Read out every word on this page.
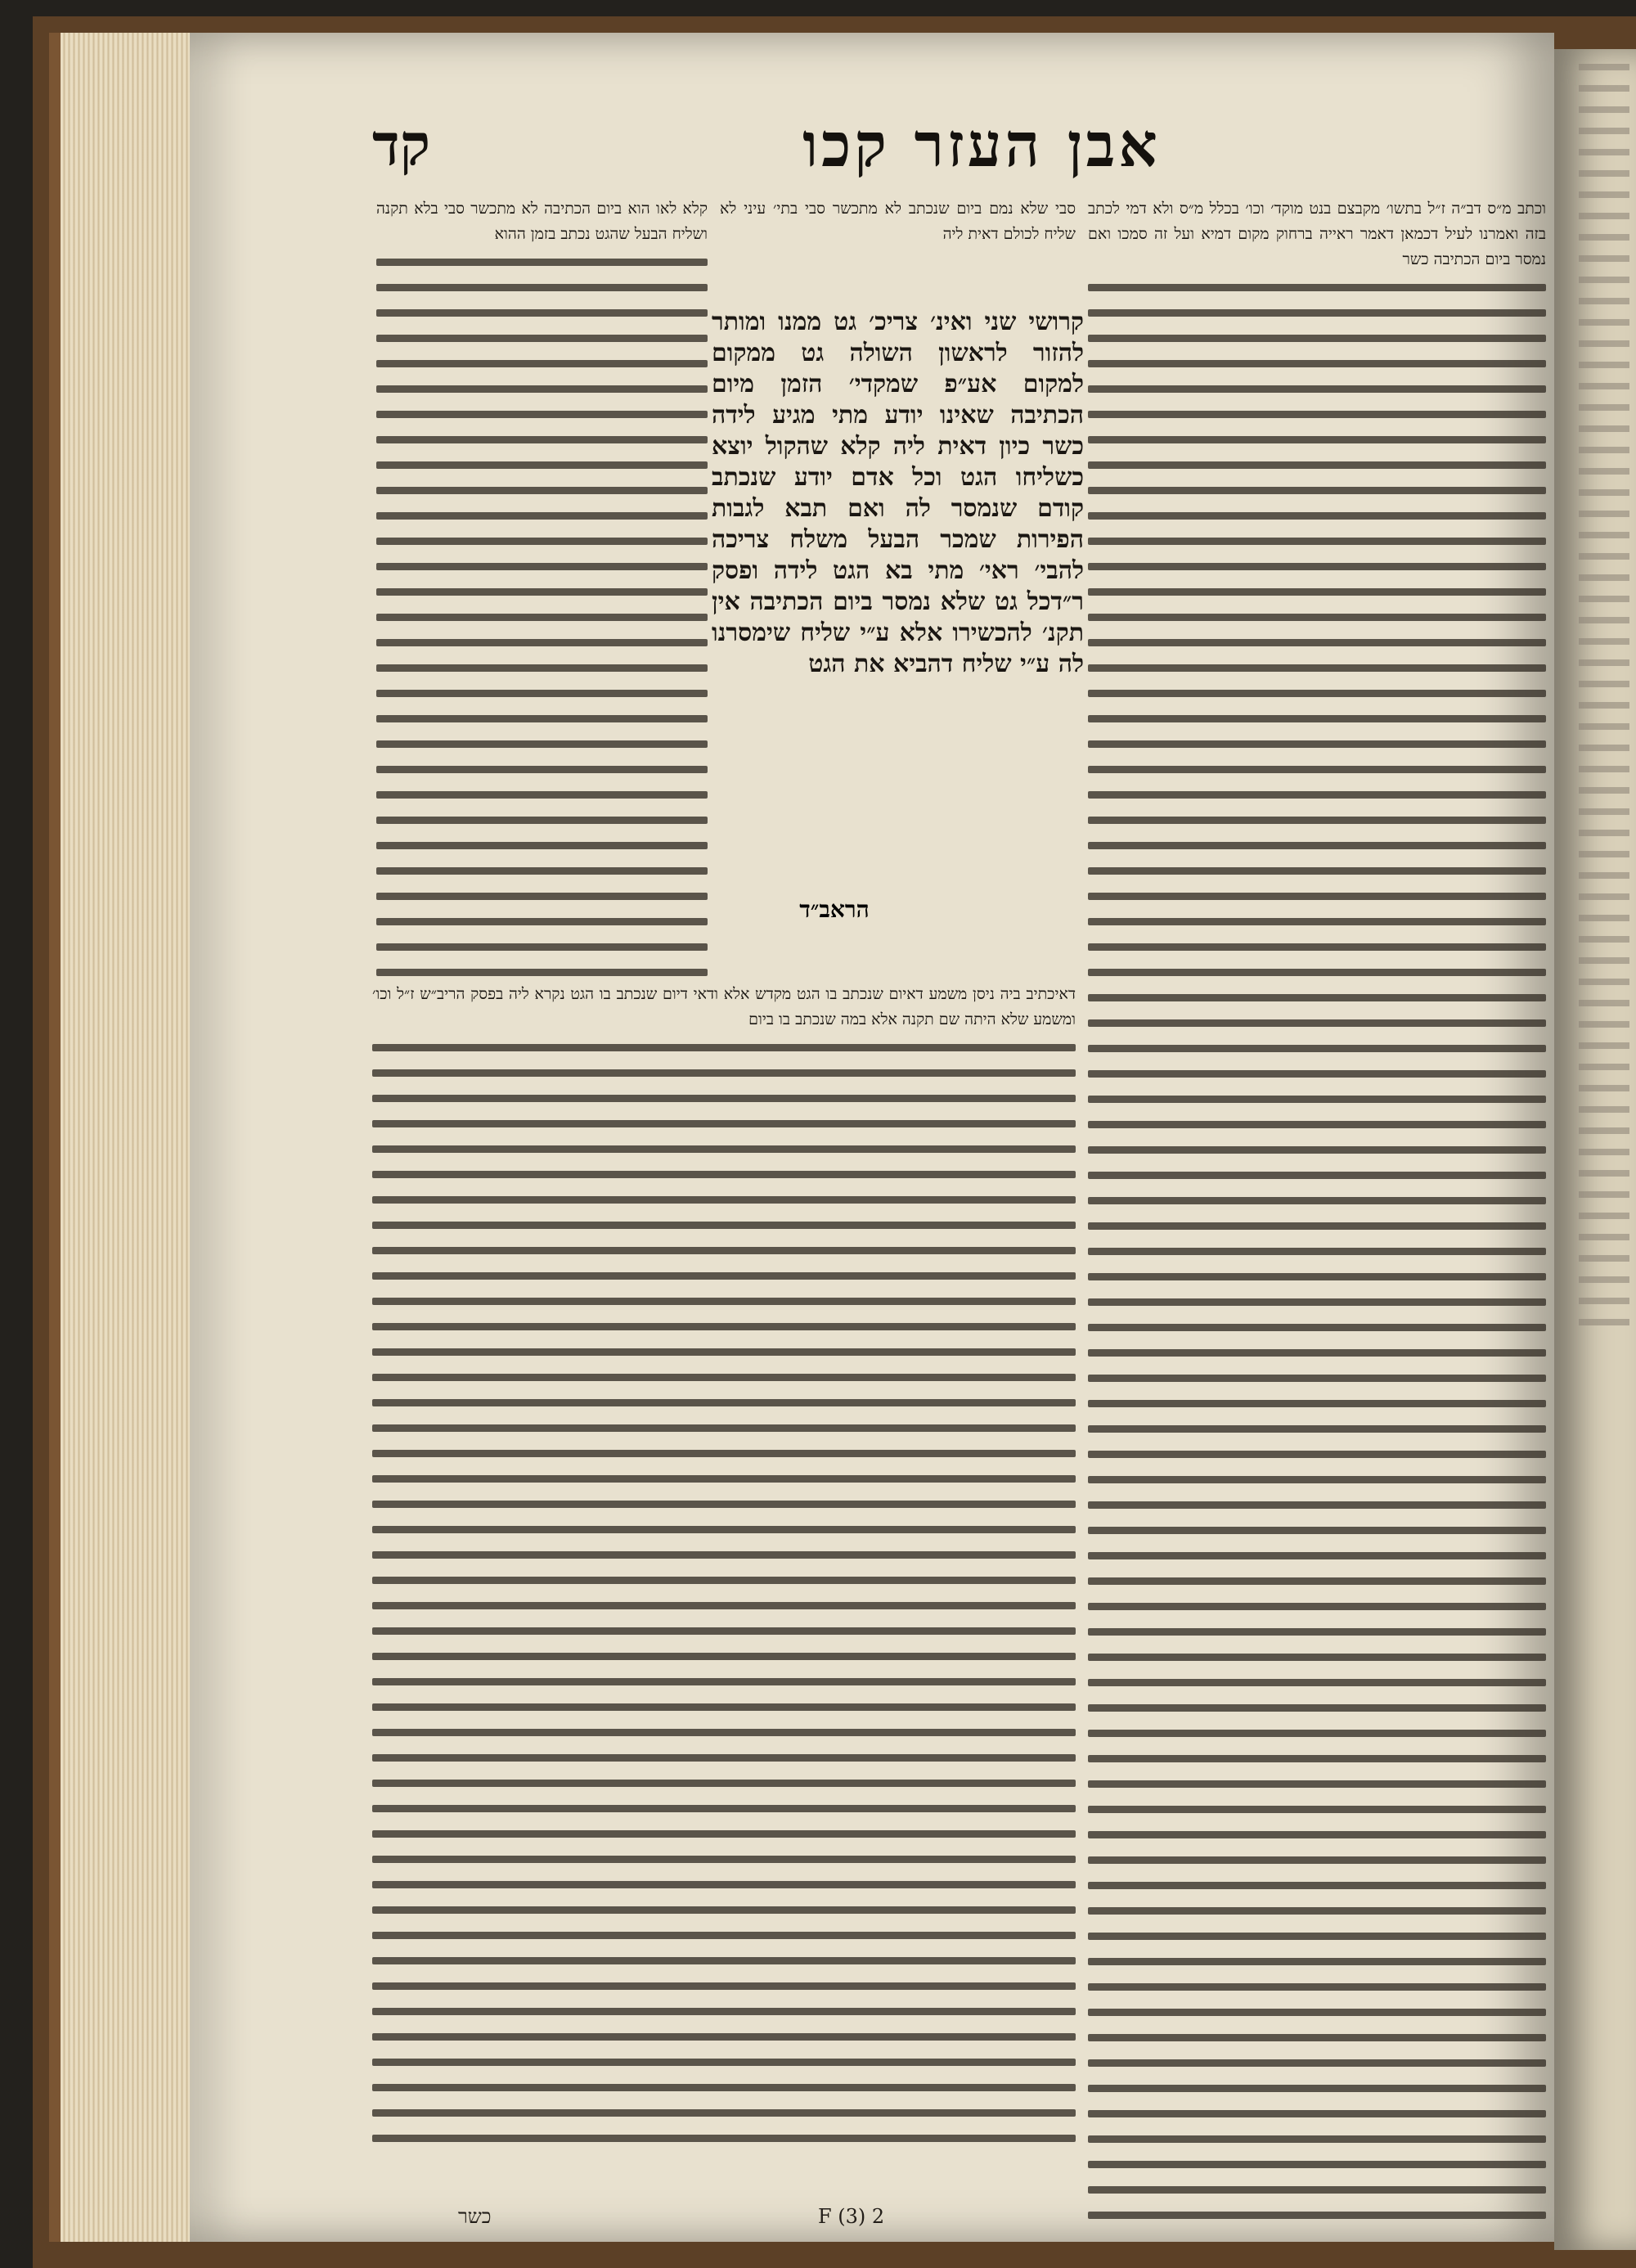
אבן העזר קכו
קד

וכתב מ״ס דב״ה ז״ל בתשו׳ מקבצם בנט מוקד׳ וכו׳ בכלל מ״ס ולא דמי לכתב בזה ואמרנו לעיל דכמאן דאמר ראייה ברחוק מקום דמיא ועל זה סמכו ואם נמסר ביום הכתיבה כשר

סבי שלא נמם ביום שנכתב לא מתכשר סבי בתי׳ עיני לא שליח לכולם דאית ליה

קלא לאו הוא ביום הכתיבה לא מתכשר סבי בלא תקנה ושליח הבעל שהגט נכתב בזמן ההוא

קרושי שני ואינ׳ צריכ׳ גט ממנו ומותר להזור לראשון השולה גט ממקום למקום אע״פ שמקדי׳ הזמן מיום הכתיבה שאינו יודע מתי מגיע לידה כשר כיון דאית ליה קלא שהקול יוצא כשליחו הגט וכל אדם יודע שנכתב קודם שנמסר לה ואם תבא לגבות הפירות שמכר הבעל משלח צריכה להבי׳ ראי׳ מתי בא הגט לידה ופסק ר״דכל גט שלא נמסר ביום הכתיבה אין תקנ׳ להכשירו אלא ע״י שליח שימסרנו לה ע״י שליח דהביא את הגט

הראב״ד

דאיכתיב ביה ניסן משמע דאיום שנכתב בו הגט מקדש אלא ודאי דיום שנכתב בו הגט נקרא ליה בפסק הריב״ש ז״ל וכו׳ ומשמע שלא היתה שם תקנה אלא במה שנכתב בו ביום

F (3) 2
כשר
